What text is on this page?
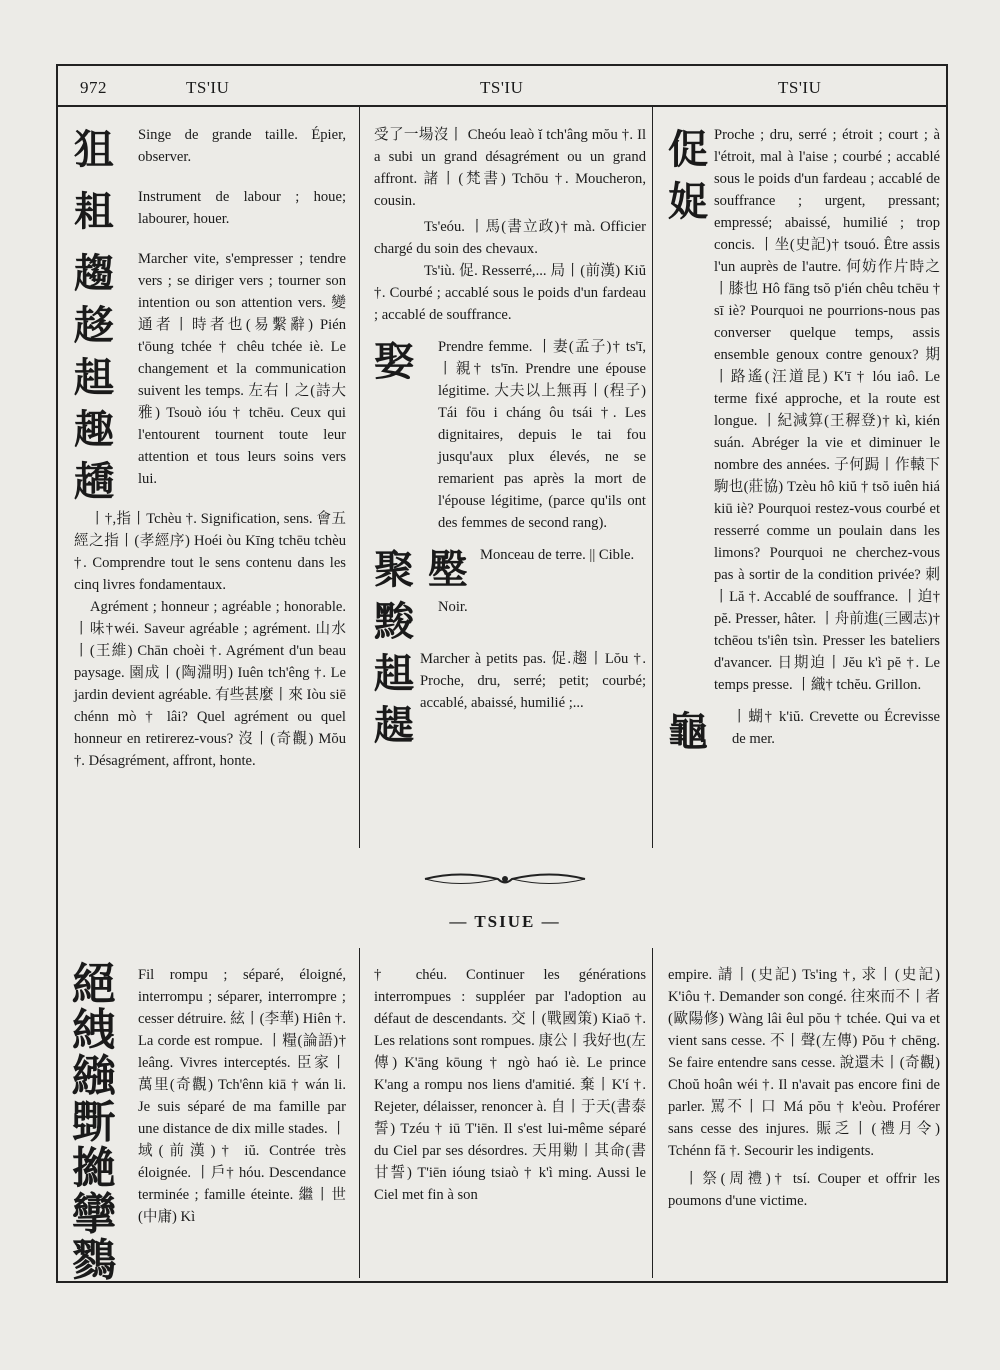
972	TS'IU	TS'IU	TS'IU
狙	Singe de grande taille. Épier, observer.

耝	Instrument de labour ; houe; labourer, houer.

趨
趍
趄
趣
趫

Marcher vite, s'empresser ; tendre vers ; se diriger vers ; tourner son intention ou son attention vers. 變通者丨時者也(易繫辭) Pién t'ōung tchée † chêu tchée iè. Le changement et la communication suivent les temps. 左右丨之(詩大雅) Tsouò ióu † tchēu. Ceux qui l'entourent tournent toute leur attention et tous leurs soins vers lui.

丨†,指丨Tchèu †. Signification, sens. 會五經之指丨(孝經序) Hoéi òu Kīng tchēu tchèu †. Comprendre tout le sens contenu dans les cinq livres fondamentaux.

Agrément ; honneur ; agréable ; honorable. 丨味†wéi. Saveur agréable ; agrément. 山水丨(王維) Chān choèi †. Agrément d'un beau paysage. 園成丨(陶淵明) Iuên tch'êng †. Le jardin devient agréable. 有些甚麼丨來 Iòu siē chénn mò † lâi? Quel agrément ou quel honneur en retirerez-vous? 沒丨(奇觀) Mŏu †. Désagrément, affront, honte.

受了一場沒丨 Cheóu leaò ĭ tch'âng mŏu †. Il a subi un grand désagrément ou un grand affront. 諸丨(梵書) Tchōu †. Moucheron, cousin.

Ts'eóu. 丨馬(書立政)† mà. Officier chargé du soin des chevaux.

Ts'iù. 促. Resserré,... 局丨(前漢) Kiŭ †. Courbé ; accablé sous le poids d'un fardeau ; accablé de souffrance.

娶	Prendre femme. 丨妻(孟子)† ts'ī, 丨親† ts'īn. Prendre une épouse légitime. 大夫以上無再丨(程子) Tái fōu i cháng ôu tsái †. Les dignitaires, depuis le tai fou jusqu'aux plux élevés, ne se remarient pas après la mort de l'épouse légitime, (parce qu'ils ont des femmes de second rang).

聚 壂 Monceau de terre. || Cible.

黢	Noir.

趄 趧

Marcher à petits pas. 促.趨丨Lŏu †. Proche, dru, serré; petit; courbé; accablé, abaissé, humilié ;...

促 娖

Proche ; dru, serré ; étroit ; court ; à l'étroit, mal à l'aise ; courbé ; accablé sous le poids d'un fardeau ; accablé de souffrance ; urgent, pressant; empressé; abaissé, humilié ; trop concis. 丨坐(史記)† tsouó. Être assis l'un auprès de l'autre. 何妨作片時之丨膝也 Hô fāng tsŏ p'ién chêu tchēu † sī iè? Pourquoi ne pourrions-nous pas converser quelque temps, assis ensemble genoux contre genoux? 期丨路遙(汪道昆) K'ī † lóu iaô. Le terme fixé approche, et la route est longue. 丨紀減算(王稺登)† kì, kién suán. Abréger la vie et diminuer le nombre des années. 子何跼丨作轅下駒也(莊協) Tzèu hô kiŭ † tsŏ iuên hiá kiū iè? Pourquoi restez-vous courbé et resserré comme un poulain dans les limons? Pourquoi ne cherchez-vous pas à sortir de la condition privée? 刺丨Lă †. Accablé de souffrance. 丨迫† pĕ. Presser, hâter. 丨舟前進(三國志)† tchēou ts'iên tsìn. Presser les bateliers d'avancer. 日期迫丨Jĕu k'ì pĕ †. Le temps presse. 丨織† tchĕu. Grillon.

龜	丨蝴† k'iŭ. Crevette ou Écrevisse de mer.

— TSIUE —
絕
絏
繈
斲
撧
攣
鷚

Fil rompu ; séparé, éloigné, interrompu ; séparer, interrompre ; cesser détruire. 絃丨(李華) Hiên †. La corde est rompue. 丨糧(論語)† leâng. Vivres interceptés. 臣家丨萬里(奇觀) Tch'ênn kiā † wán li. Je suis séparé de ma famille par une distance de dix mille stades. 丨域(前漢)† iŭ. Contrée très éloignée. 丨戶† hóu. Descendance terminée ; famille éteinte. 繼丨世(中庸) Kì

† chéu. Continuer les générations interrompues : suppléer par l'adoption au défaut de descendants. 交丨(戰國策) Kiaō †. Les relations sont rompues. 康公丨我好也(左傳) K'āng kōung † ngò haó iè. Le prince K'ang a rompu nos liens d'amitié. 棄丨K'í †. Rejeter, délaisser, renoncer à. 自丨于天(書泰誓) Tzéu † iū T'iēn. Il s'est lui-même séparé du Ciel par ses désordres. 天用勦丨其命(書甘誓) T'iēn ióung tsiaò † k'ì ming. Aussi le Ciel met fin à son

empire. 請丨(史記) Ts'ing †, 求丨(史記) K'iôu †. Demander son congé. 往來而不丨者(歐陽修) Wàng lâi êul pŏu † tchée. Qui va et vient sans cesse. 不丨聲(左傳) Pŏu † chēng. Se faire entendre sans cesse. 說還未丨(奇觀) Choŭ hoân wéi †. Il n'avait pas encore fini de parler. 罵不丨口 Má pŏu † k'eòu. Proférer sans cesse des injures. 賑乏丨(禮月令) Tchénn fă †. Secourir les indigents.

丨祭(周禮)† tsí. Couper et offrir les poumons d'une victime.
